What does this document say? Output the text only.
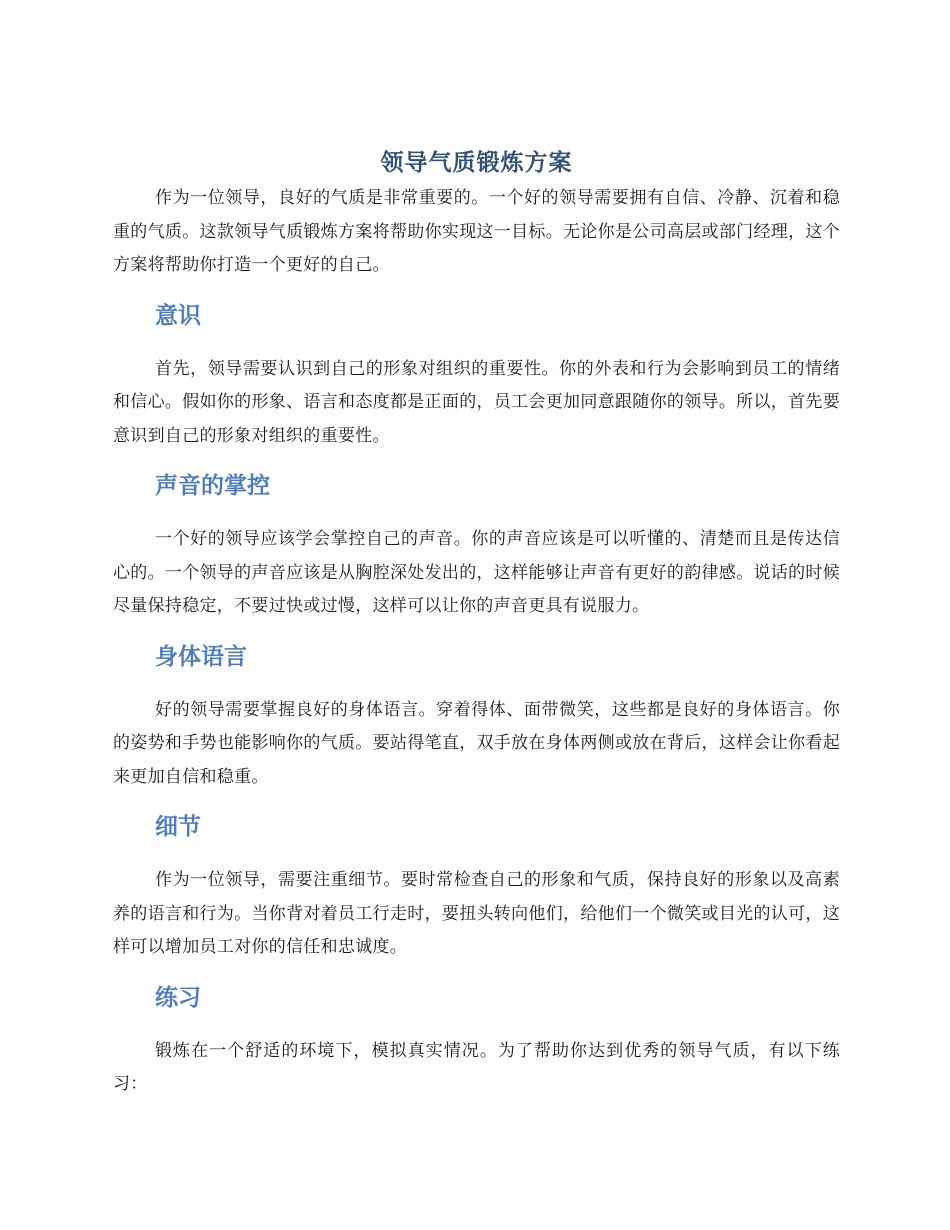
领导气质锻炼方案

作为一位领导，良好的气质是非常重要的。一个好的领导需要拥有自信、冷静、沉着和稳重的气质。这款领导气质锻炼方案将帮助你实现这一目标。无论你是公司高层或部门经理，这个方案将帮助你打造一个更好的自己。

意识

首先，领导需要认识到自己的形象对组织的重要性。你的外表和行为会影响到员工的情绪和信心。假如你的形象、语言和态度都是正面的，员工会更加同意跟随你的领导。所以，首先要意识到自己的形象对组织的重要性。

声音的掌控

一个好的领导应该学会掌控自己的声音。你的声音应该是可以听懂的、清楚而且是传达信心的。一个领导的声音应该是从胸腔深处发出的，这样能够让声音有更好的韵律感。说话的时候尽量保持稳定，不要过快或过慢，这样可以让你的声音更具有说服力。

身体语言

好的领导需要掌握良好的身体语言。穿着得体、面带微笑，这些都是良好的身体语言。你的姿势和手势也能影响你的气质。要站得笔直，双手放在身体两侧或放在背后，这样会让你看起来更加自信和稳重。

细节

作为一位领导，需要注重细节。要时常检查自己的形象和气质，保持良好的形象以及高素养的语言和行为。当你背对着员工行走时，要扭头转向他们，给他们一个微笑或目光的认可，这样可以增加员工对你的信任和忠诚度。

练习

锻炼在一个舒适的环境下，模拟真实情况。为了帮助你达到优秀的领导气质，有以下练习：
